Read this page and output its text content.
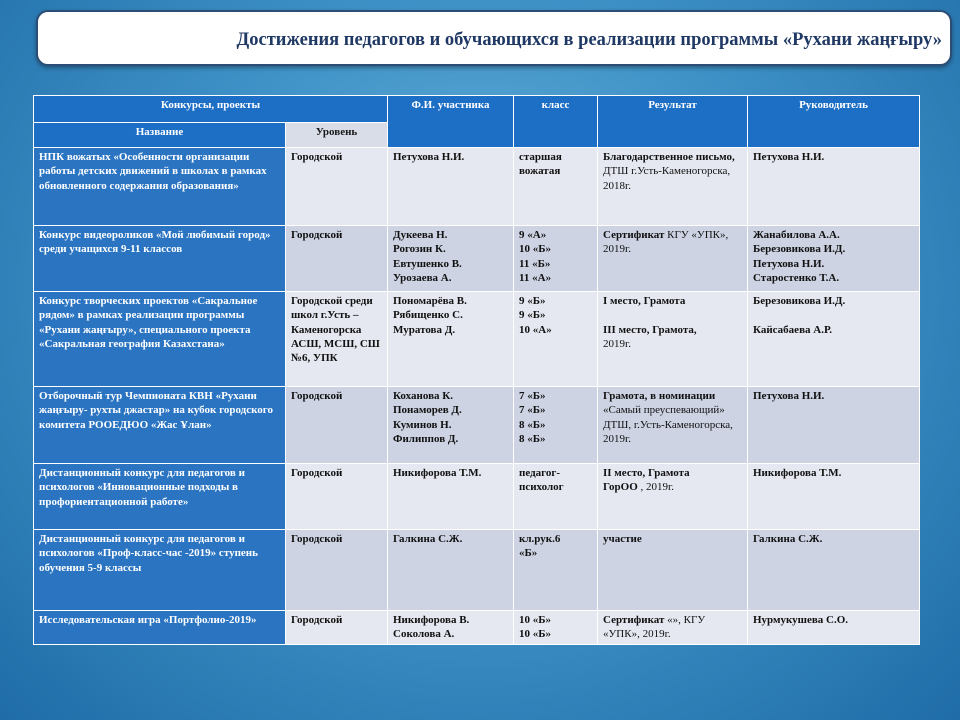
Достижения педагогов и обучающихся в реализации программы «Рухани жаңғыру»
Конкурсы, проекты		Ф.И. участника	класс	Результат	Руководитель
Название	Уровень				
НПК вожатых «Особенности организации работы детских движений в школах в рамках обновленного содержания образования»	Городской	Петухова Н.И.	старшая
вожатая	Благодарственное письмо, ДТШ г.Усть-Каменогорска, 2018г.	Петухова Н.И.
Конкурс видеороликов «Мой любимый город» среди учащихся 9-11 классов	Городской	Дукеева Н.
Рогозин К.
Евтушенко В.
Урозаева А.	9 «А»
10 «Б»
11 «Б»
11 «А»	Сертификат КГУ «УПК», 2019г.	Жанабилова А.А.
Березовикова И.Д.
Петухова Н.И.
Старостенко Т.А.
Конкурс творческих проектов «Сакральное рядом» в рамках реализации программы «Рухани жаңғыру», специального проекта «Сакральная география Казахстана»	Городской среди школ г.Усть – Каменогорска АСШ, МСШ, СШ №6, УПК	Пономарёва В.
Рябищенко С.
Муратова Д.	9 «Б»
9 «Б»
10 «А»	I место, Грамота

III место, Грамота,
2019г.	Березовикова И.Д.

Кайсабаева А.Р.
Отборочный тур Чемпионата КВН «Рухани жаңғыру- рухты джастар» на кубок городского комитета РООЕДЮО «Жас Ұлан»	Городской	Коханова К.
Понаморев Д.
Куминов Н.
Филиппов Д.	7 «Б»
7 «Б»
8 «Б»
8 «Б»	Грамота, в номинации
«Самый преуспевающий» ДТШ, г.Усть-Каменогорска, 2019г.	Петухова Н.И.
Дистанционный конкурс для педагогов и психологов «Инновационные подходы в профориентационной работе»	Городской	Никифорова Т.М.	педагог-
психолог	II место, Грамота
ГорОО , 2019г.	Никифорова Т.М.
Дистанционный конкурс для педагогов и психологов «Проф-класс-час -2019» ступень обучения 5-9 классы	Городской	Галкина С.Ж.	кл.рук.6
«Б»	участие	Галкина С.Ж.
Исследовательская игра «Портфолио-2019»	Городской	Никифорова В.
Соколова А.	10 «Б»
10 «Б»	Сертификат «», КГУ «УПК», 2019г.	Нурмукушева С.О.
